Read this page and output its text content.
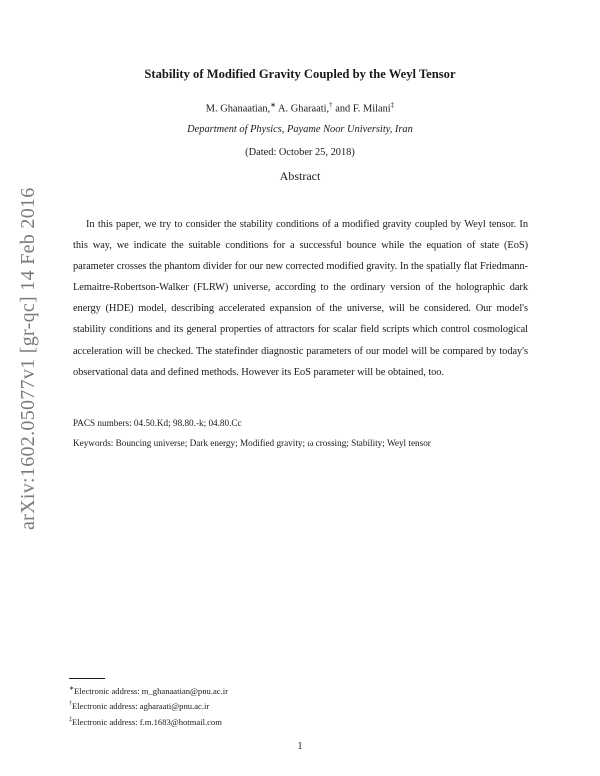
arXiv:1602.05077v1 [gr-qc] 14 Feb 2016
Stability of Modified Gravity Coupled by the Weyl Tensor
M. Ghanaatian,∗ A. Gharaati,† and F. Milani‡
Department of Physics, Payame Noor University, Iran
(Dated: October 25, 2018)
Abstract
In this paper, we try to consider the stability conditions of a modified gravity coupled by Weyl tensor. In this way, we indicate the suitable conditions for a successful bounce while the equation of state (EoS) parameter crosses the phantom divider for our new corrected modified gravity. In the spatially flat Friedmann-Lemaitre-Robertson-Walker (FLRW) universe, according to the ordinary version of the holographic dark energy (HDE) model, describing accelerated expansion of the universe, will be considered. Our model's stability conditions and its general properties of attractors for scalar field scripts which control cosmological acceleration will be checked. The statefinder diagnostic parameters of our model will be compared by today's observational data and defined methods. However its EoS parameter will be obtained, too.
PACS numbers: 04.50.Kd; 98.80.-k; 04.80.Cc
Keywords: Bouncing universe; Dark energy; Modified gravity; ω crossing; Stability; Weyl tensor
∗Electronic address: m_ghanaatian@pnu.ac.ir
†Electronic address: agharaati@pnu.ac.ir
‡Electronic address: f.m.1683@hotmail.com
1
